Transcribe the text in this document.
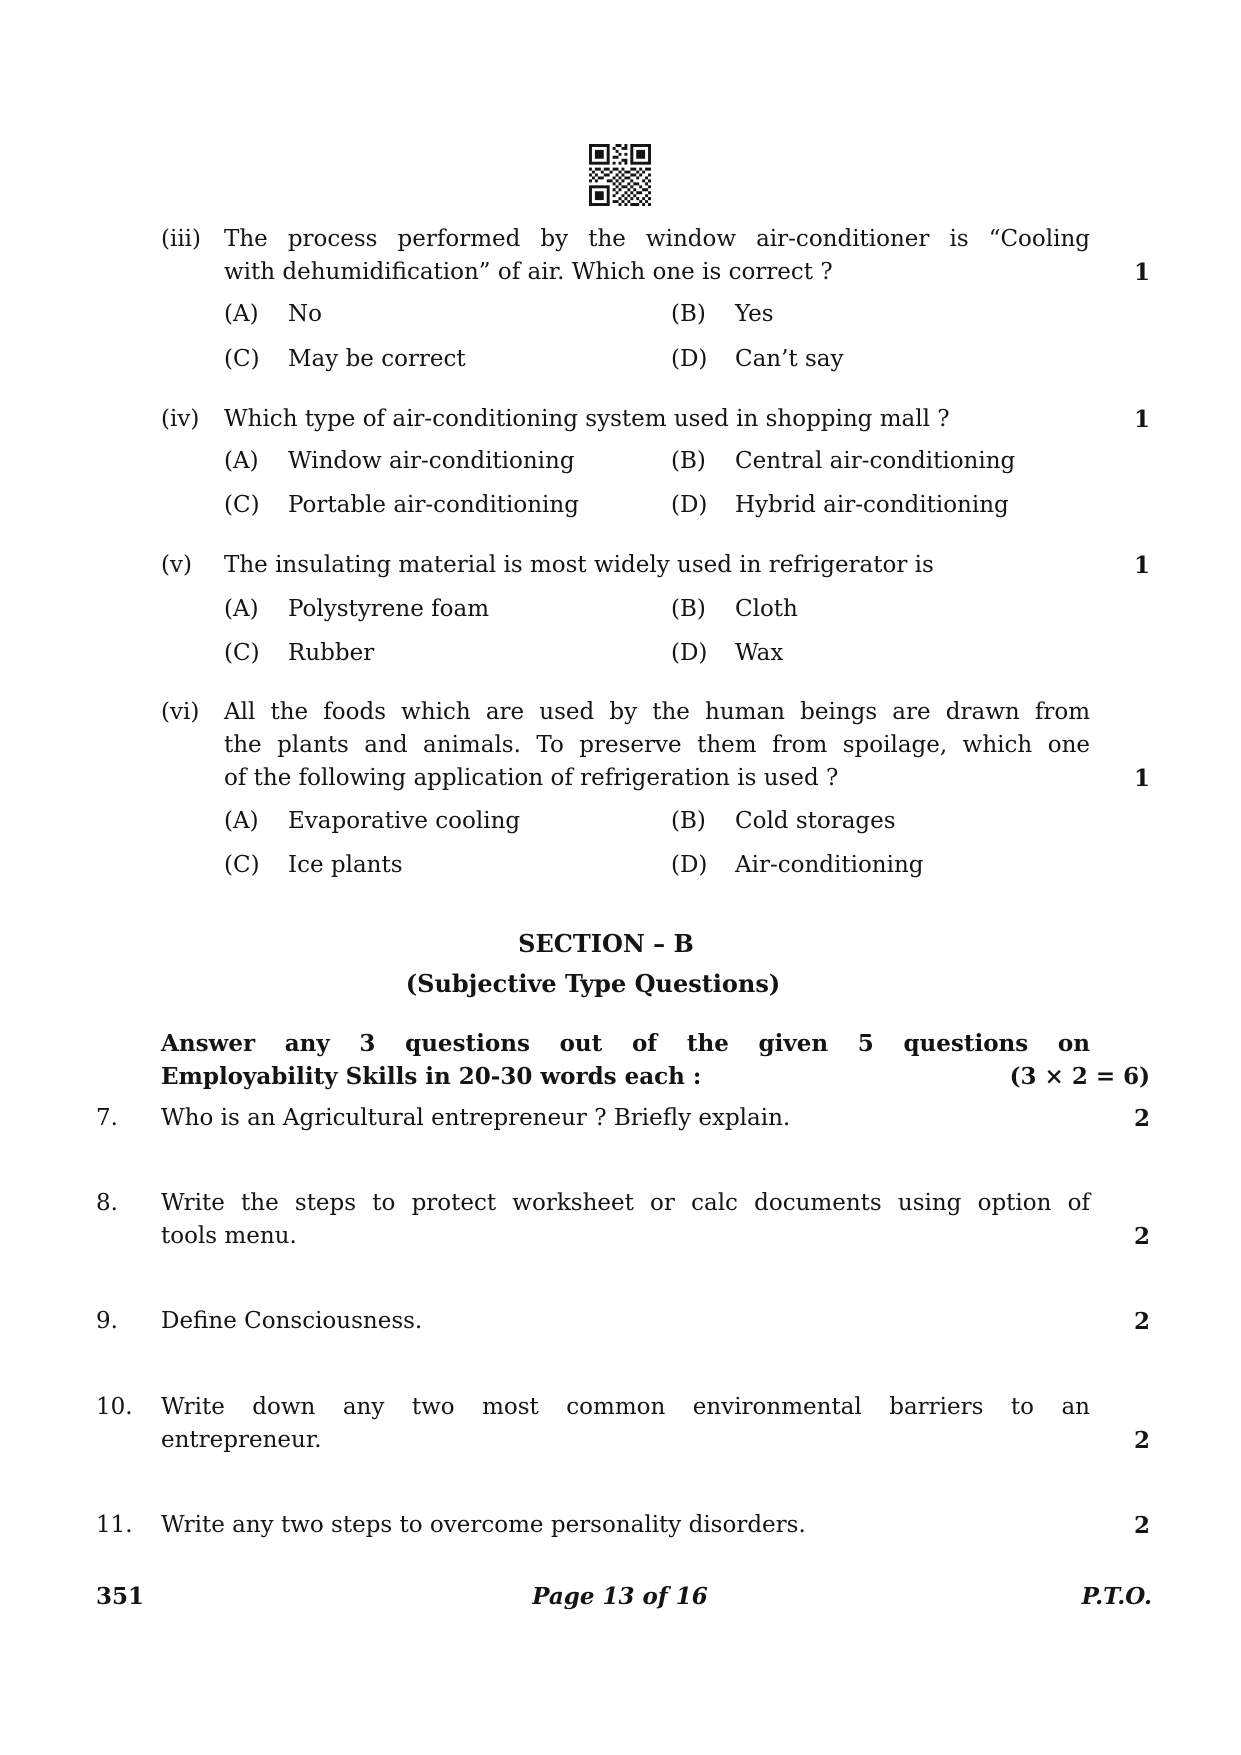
(iii) The process performed by the window air-conditioner is “Cooling
with dehumidification” of air. Which one is correct ?	1
(A) No	(B) Yes
(C) May be correct	(D) Can’t say
(iv) Which type of air-conditioning system used in shopping mall ?	1
(A) Window air-conditioning	(B) Central air-conditioning
(C) Portable air-conditioning	(D) Hybrid air-conditioning
(v) The insulating material is most widely used in refrigerator is	1
(A) Polystyrene foam	(B) Cloth
(C) Rubber	(D) Wax
(vi) All the foods which are used by the human beings are drawn from
the plants and animals. To preserve them from spoilage, which one
of the following application of refrigeration is used ?	1
(A) Evaporative cooling	(B) Cold storages
(C) Ice plants	(D) Air-conditioning
SECTION – B
(Subjective Type Questions)
Answer any 3 questions out of the given 5 questions on
Employability Skills in 20-30 words each :	(3 × 2 = 6)
7. Who is an Agricultural entrepreneur ? Briefly explain.	2
8. Write the steps to protect worksheet or calc documents using option of
tools menu.	2
9. Define Consciousness.	2
10. Write down any two most common environmental barriers to an
entrepreneur.	2
11. Write any two steps to overcome personality disorders.	2
351	Page 13 of 16	P.T.O.
